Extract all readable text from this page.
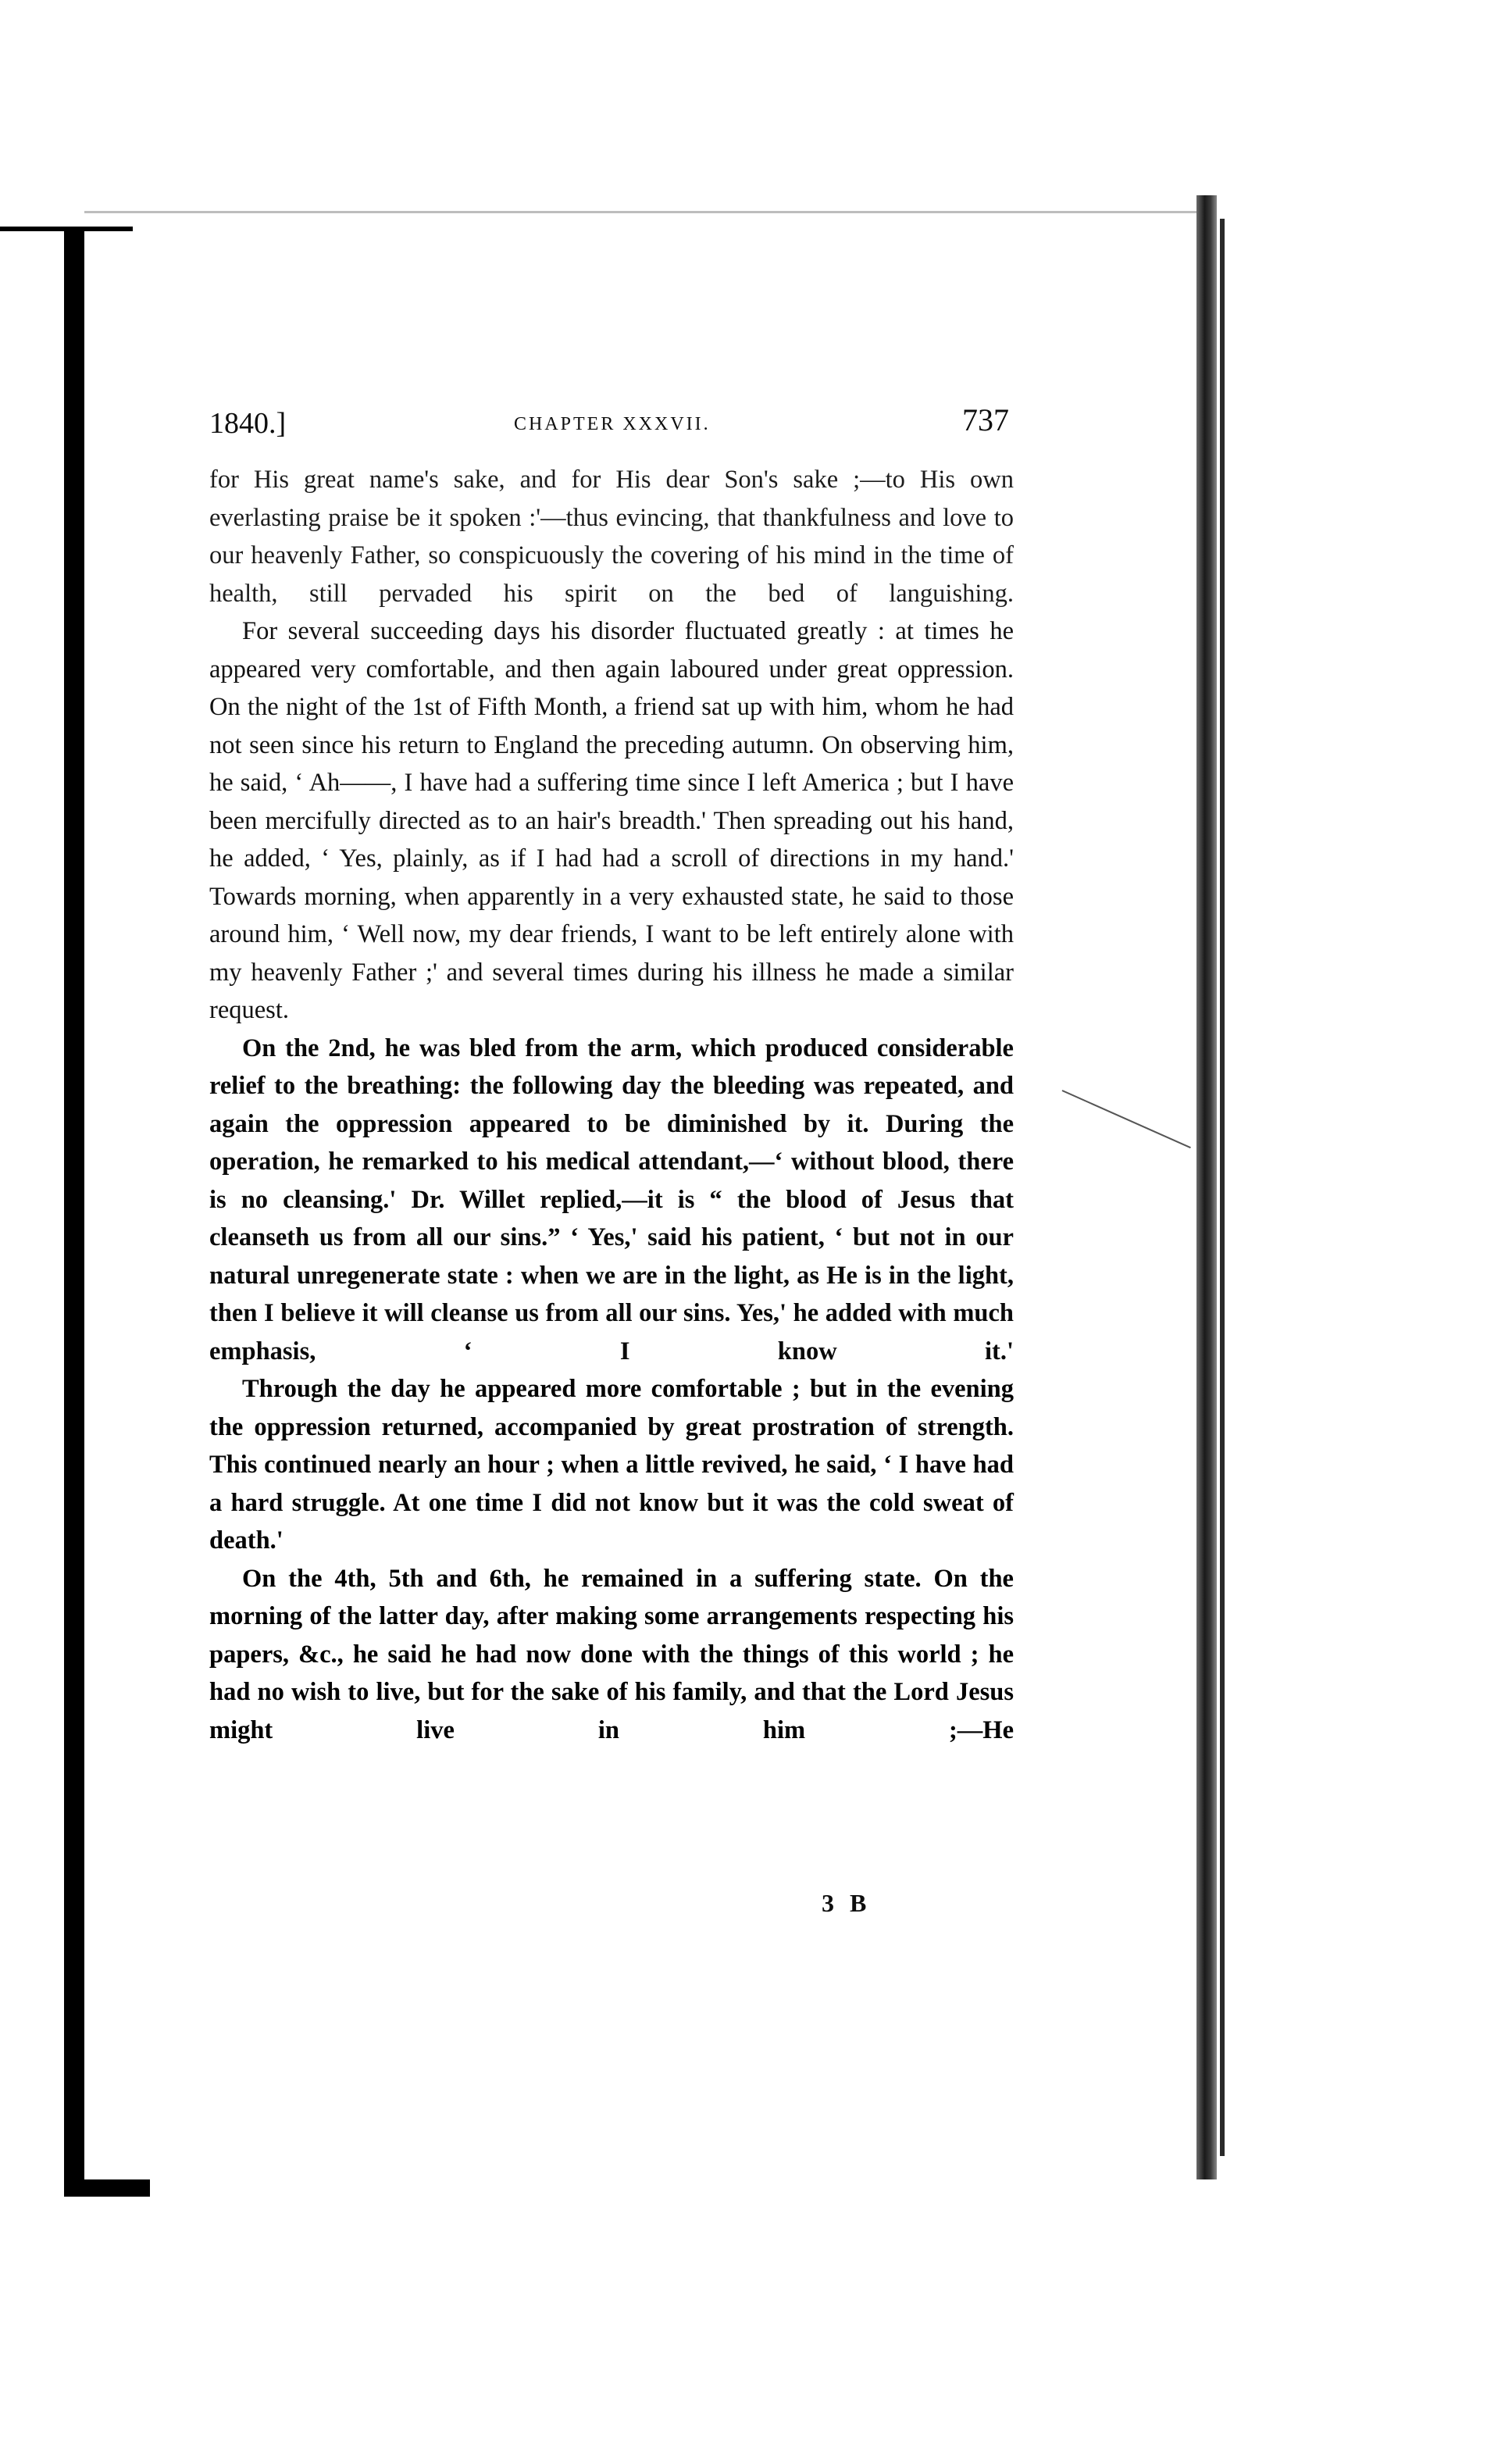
1840.]	CHAPTER XXXVII.	737

for His great name's sake, and for His dear Son's sake ;—to His own everlasting praise be it spoken :'—thus evincing, that thankfulness and love to our heavenly Father, so conspicuously the covering of his mind in the time of health, still pervaded his spirit on the bed of languishing.

For several succeeding days his disorder fluctuated greatly : at times he appeared very comfortable, and then again laboured under great oppression. On the night of the 1st of Fifth Month, a friend sat up with him, whom he had not seen since his return to England the preceding autumn. On observing him, he said, ‘ Ah——, I have had a suffering time since I left America ; but I have been mercifully directed as to an hair's breadth.' Then spreading out his hand, he added, ‘ Yes, plainly, as if I had had a scroll of directions in my hand.' Towards morning, when apparently in a very exhausted state, he said to those around him, ‘ Well now, my dear friends, I want to be left entirely alone with my heavenly Father ;' and several times during his illness he made a similar request.

On the 2nd, he was bled from the arm, which produced considerable relief to the breathing: the following day the bleeding was repeated, and again the oppression appeared to be diminished by it. During the operation, he remarked to his medical attendant,—‘ without blood, there is no cleansing.' Dr. Willet replied,—it is “ the blood of Jesus that cleanseth us from all our sins.” ‘ Yes,' said his patient, ‘ but not in our natural unregenerate state : when we are in the light, as He is in the light, then I believe it will cleanse us from all our sins. Yes,' he added with much emphasis, ‘ I know it.'

Through the day he appeared more comfortable ; but in the evening the oppression returned, accompanied by great prostration of strength. This continued nearly an hour ; when a little revived, he said, ‘ I have had a hard struggle. At one time I did not know but it was the cold sweat of death.'

On the 4th, 5th and 6th, he remained in a suffering state. On the morning of the latter day, after making some arrangements respecting his papers, &c., he said he had now done with the things of this world ; he had no wish to live, but for the sake of his family, and that the Lord Jesus might live in him ;—He

3 B
